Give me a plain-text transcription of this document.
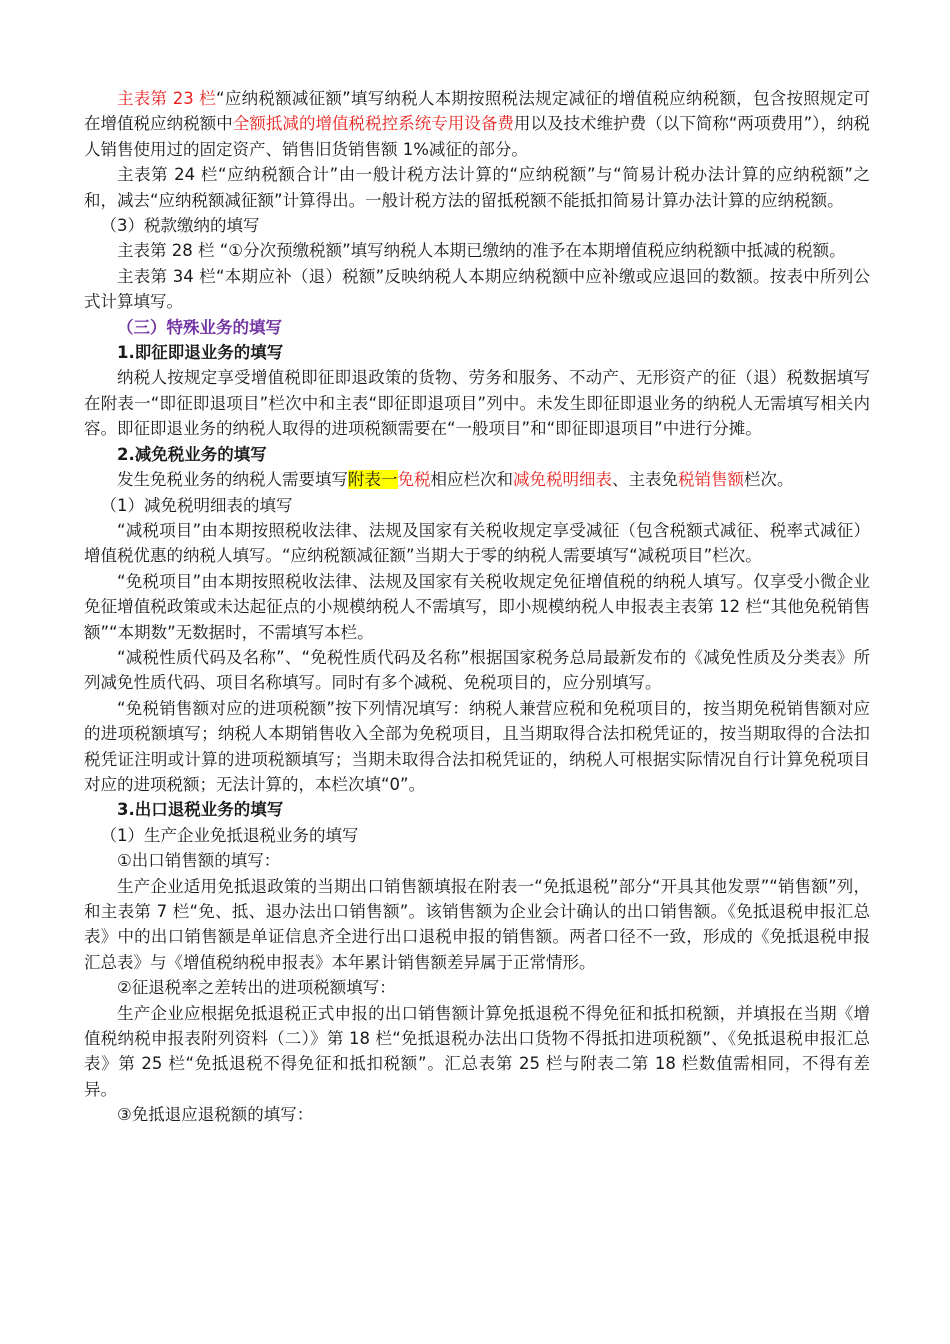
主表第 23 栏“应纳税额减征额”填写纳税人本期按照税法规定减征的增值税应纳税额，包含按照规定可在增值税应纳税额中全额抵减的增值税税控系统专用设备费用以及技术维护费（以下简称“两项费用”），纳税人销售使用过的固定资产、销售旧货销售额 1%减征的部分。

主表第 24 栏“应纳税额合计”由一般计税方法计算的“应纳税额”与“简易计税办法计算的应纳税额”之和，减去“应纳税额减征额”计算得出。一般计税方法的留抵税额不能抵扣简易计算办法计算的应纳税额。

（3）税款缴纳的填写

主表第 28 栏 “①分次预缴税额”填写纳税人本期已缴纳的准予在本期增值税应纳税额中抵减的税额。

主表第 34 栏“本期应补（退）税额”反映纳税人本期应纳税额中应补缴或应退回的数额。按表中所列公式计算填写。

（三）特殊业务的填写

1.即征即退业务的填写

纳税人按规定享受增值税即征即退政策的货物、劳务和服务、不动产、无形资产的征（退）税数据填写在附表一“即征即退项目”栏次中和主表“即征即退项目”列中。未发生即征即退业务的纳税人无需填写相关内容。即征即退业务的纳税人取得的进项税额需要在“一般项目”和“即征即退项目”中进行分摊。

2.减免税业务的填写

发生免税业务的纳税人需要填写附表一免税相应栏次和减免税明细表、主表免税销售额栏次。

（1）减免税明细表的填写

“减税项目”由本期按照税收法律、法规及国家有关税收规定享受减征（包含税额式减征、税率式减征）增值税优惠的纳税人填写。“应纳税额减征额”当期大于零的纳税人需要填写“减税项目”栏次。

“免税项目”由本期按照税收法律、法规及国家有关税收规定免征增值税的纳税人填写。仅享受小微企业免征增值税政策或未达起征点的小规模纳税人不需填写，即小规模纳税人申报表主表第 12 栏“其他免税销售额”“本期数”无数据时，不需填写本栏。

“减税性质代码及名称”、“免税性质代码及名称”根据国家税务总局最新发布的《减免性质及分类表》所列减免性质代码、项目名称填写。同时有多个减税、免税项目的，应分别填写。

“免税销售额对应的进项税额”按下列情况填写：纳税人兼营应税和免税项目的，按当期免税销售额对应的进项税额填写；纳税人本期销售收入全部为免税项目，且当期取得合法扣税凭证的，按当期取得的合法扣税凭证注明或计算的进项税额填写；当期未取得合法扣税凭证的，纳税人可根据实际情况自行计算免税项目对应的进项税额；无法计算的，本栏次填“0”。

3.出口退税业务的填写

（1）生产企业免抵退税业务的填写

①出口销售额的填写：

生产企业适用免抵退政策的当期出口销售额填报在附表一“免抵退税”部分“开具其他发票”“销售额”列，和主表第 7 栏“免、抵、退办法出口销售额”。该销售额为企业会计确认的出口销售额。《免抵退税申报汇总表》中的出口销售额是单证信息齐全进行出口退税申报的销售额。两者口径不一致，形成的《免抵退税申报汇总表》与《增值税纳税申报表》本年累计销售额差异属于正常情形。

②征退税率之差转出的进项税额填写：

生产企业应根据免抵退税正式申报的出口销售额计算免抵退税不得免征和抵扣税额，并填报在当期《增值税纳税申报表附列资料（二）》第 18 栏“免抵退税办法出口货物不得抵扣进项税额”、《免抵退税申报汇总表》第 25 栏“免抵退税不得免征和抵扣税额”。汇总表第 25 栏与附表二第 18 栏数值需相同，不得有差异。

③免抵退应退税额的填写：
